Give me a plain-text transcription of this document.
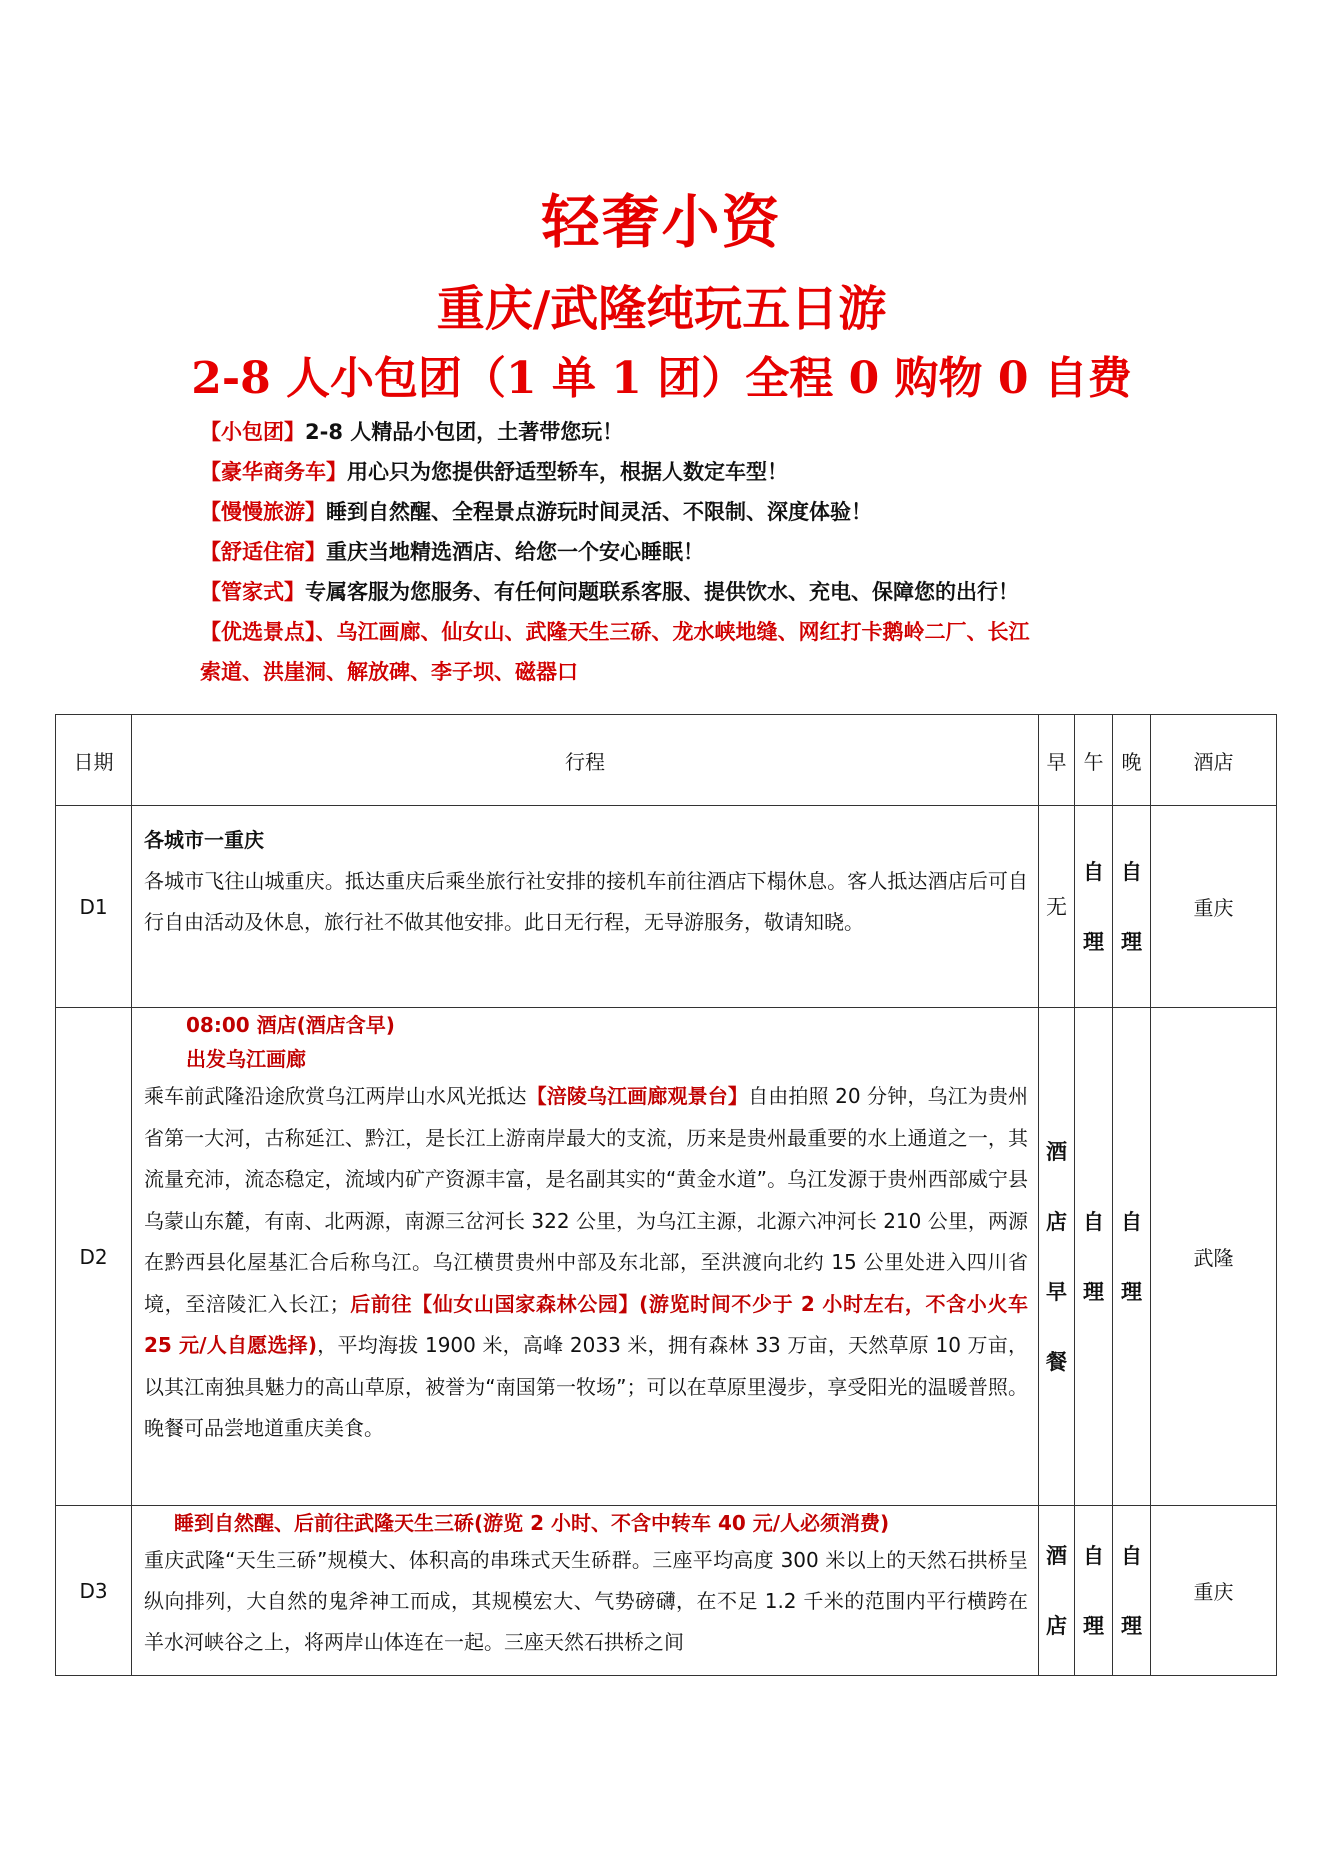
轻奢小资
重庆/武隆纯玩五日游
2-8 人小包团（1 单 1 团）全程 0 购物 0 自费
【小包团】2-8 人精品小包团，土著带您玩！
【豪华商务车】用心只为您提供舒适型轿车，根据人数定车型！
【慢慢旅游】睡到自然醒、全程景点游玩时间灵活、不限制、深度体验！
【舒适住宿】重庆当地精选酒店、给您一个安心睡眠！
【管家式】专属客服为您服务、有任何问题联系客服、提供饮水、充电、保障您的出行！
【优选景点】、乌江画廊、仙女山、武隆天生三硚、龙水峡地缝、网红打卡鹅岭二厂、长江
索道、洪崖洞、解放碑、李子坝、磁器口
日期	行程	早	午	晚	酒店
D1	各城市一重庆

各城市飞往山城重庆。抵达重庆后乘坐旅行社安排的接机车前往酒店下榻休息。客人抵达酒店后可自行自由活动及休息，旅行社不做其他安排。此日无行程，无导游服务，敬请知晓。	无	自理	自理	重庆
D2	08:00 酒店(酒店含早)
出发乌江画廊

乘车前武隆沿途欣赏乌江两岸山水风光抵达【涪陵乌江画廊观景台】自由拍照 20 分钟，乌江为贵州省第一大河，古称延江、黔江，是长江上游南岸最大的支流，历来是贵州最重要的水上通道之一，其流量充沛，流态稳定，流域内矿产资源丰富，是名副其实的“黄金水道”。乌江发源于贵州西部威宁县乌蒙山东麓，有南、北两源，南源三岔河长 322 公里，为乌江主源，北源六冲河长 210 公里，两源在黔西县化屋基汇合后称乌江。乌江横贯贵州中部及东北部，至洪渡向北约 15 公里处进入四川省境，至涪陵汇入长江；后前往【仙女山国家森林公园】(游览时间不少于 2 小时左右，不含小火车 25 元/人自愿选择)，平均海拔 1900 米，高峰 2033 米，拥有森林 33 万亩，天然草原 10 万亩，以其江南独具魅力的高山草原，被誉为“南国第一牧场”；可以在草原里漫步，享受阳光的温暖普照。晚餐可品尝地道重庆美食。	酒店早餐	自理	自理	武隆
D3	睡到自然醒、后前往武隆天生三硚(游览 2 小时、不含中转车 40 元/人必须消费)

重庆武隆“天生三硚”规模大、体积高的串珠式天生硚群。三座平均高度 300 米以上的天然石拱桥呈纵向排列，大自然的鬼斧神工而成，其规模宏大、气势磅礴，在不足 1.2 千米的范围内平行横跨在羊水河峡谷之上，将两岸山体连在一起。三座天然石拱桥之间	酒店	自理	自理	重庆
